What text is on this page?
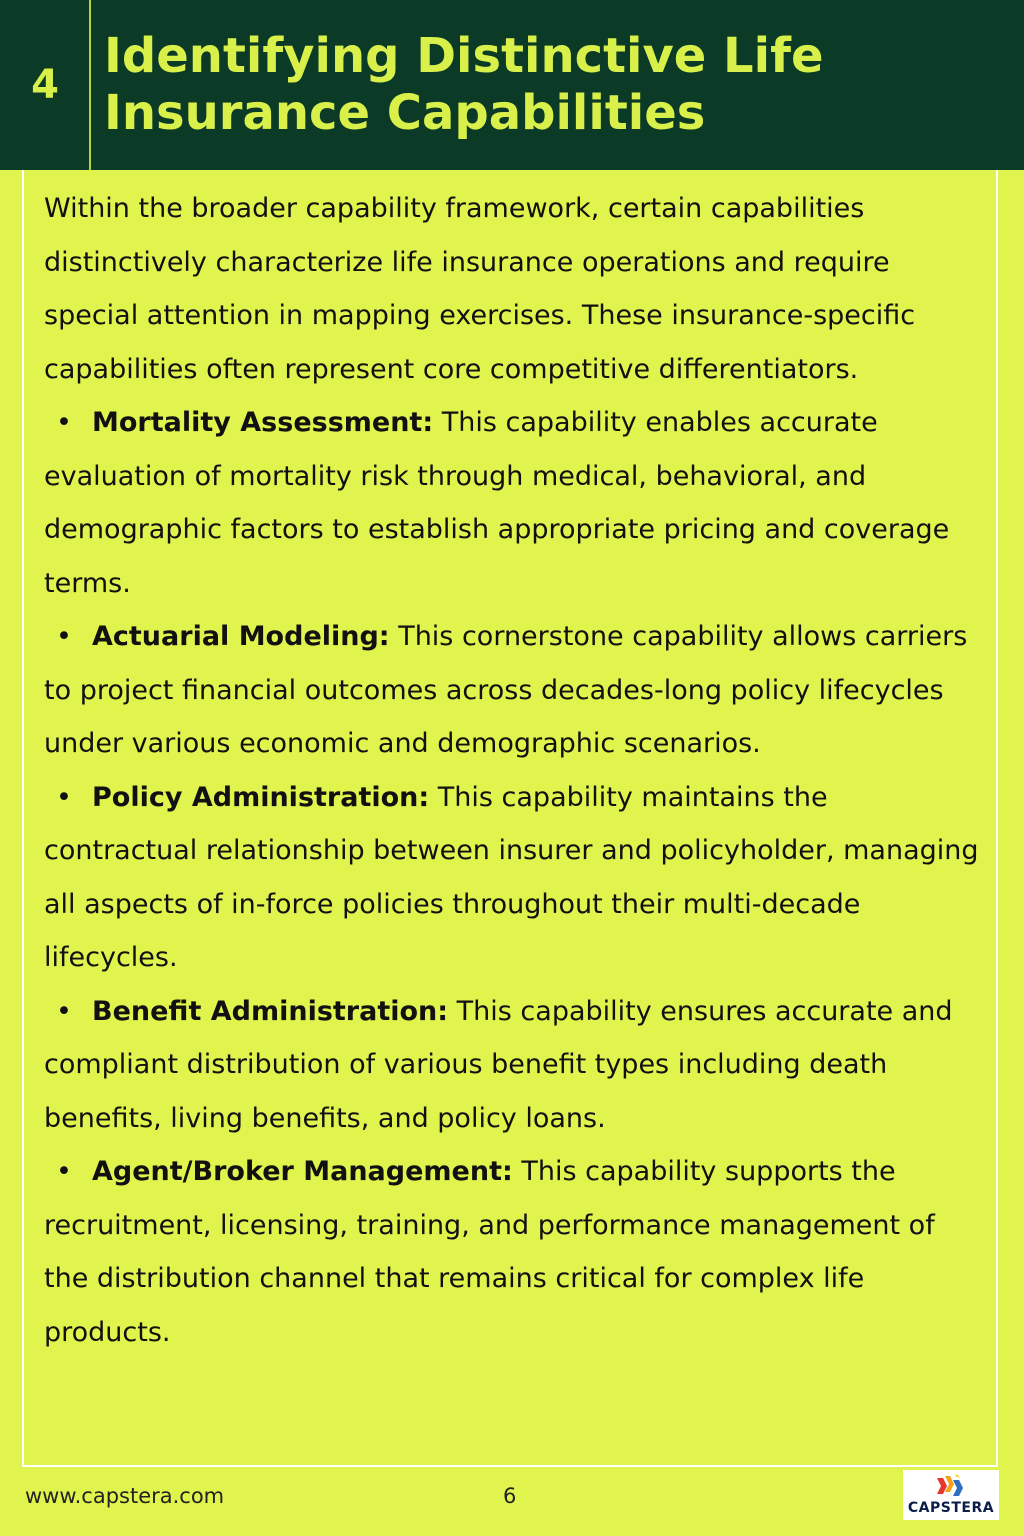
4
Identifying Distinctive Life
Insurance Capabilities

Within the broader capability framework, certain capabilities distinctively characterize life insurance operations and require special attention in mapping exercises. These insurance-specific capabilities often represent core competitive differentiators.

• Mortality Assessment: This capability enables accurate evaluation of mortality risk through medical, behavioral, and demographic factors to establish appropriate pricing and coverage terms.
• Actuarial Modeling: This cornerstone capability allows carriers to project financial outcomes across decades-long policy lifecycles under various economic and demographic scenarios.
• Policy Administration: This capability maintains the contractual relationship between insurer and policyholder, managing all aspects of in-force policies throughout their multi-decade lifecycles.
• Benefit Administration: This capability ensures accurate and compliant distribution of various benefit types including death benefits, living benefits, and policy loans.
• Agent/Broker Management: This capability supports the recruitment, licensing, training, and performance management of the distribution channel that remains critical for complex life products.
www.capstera.com	6	CAPSTERA
